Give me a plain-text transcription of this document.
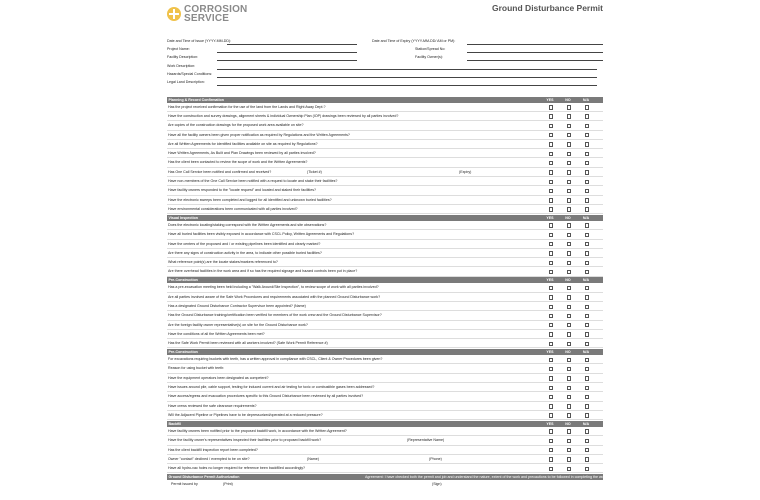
CORROSION
SERVICE
Ground Disturbance Permit
Date and Time of Issue (YYYY-MM-DD):	Date and Time of Expiry (YYYY-MM-DD/ AM or PM):
Project Name:	Station/Spread No:
Facility Description:	Facility Owner(s):
Work Description:
Hazards/Special Conditions:
Legal Land Description:
Planning & Record Confirmation	YES	NO	N/A
Has the project received confirmation for the use of the land from the Lands and Right Away Dept.?
Have the construction and survey drawings, alignment sheets & individual Ownership Plan (IOP) drawings been reviewed by all parties involved?
Are copies of the construction drawings for the proposed work area available on site?
Have all the facility owners been given proper notification as required by Regulations and the Written Agreements?
Are all Written Agreements for identified facilities available on site as required by Regulations?
Have Written Agreements, As Built and Plan Drawings been reviewed by all parties involved?
Has the client been contacted to review the scope of work and the Written Agreements?
Has One Call Service been notified and confirmed and received?	(Ticket #)	(Expiry)
Have non-members of the One Call Service been notified with a request to locate and stake their facilities?
Have facility owners responded to the "locate request" and located and staked their facilities?
Have the electronic sweeps been completed and logged for all identified and unknown buried facilities?
Have environmental considerations been communicated with all parties involved?
Visual Inspection	YES	NO	N/A
Does the electronic locating/staking correspond with the Written Agreements and site observations?
Have all buried facilities been visibly exposed in accordance with CSCL Policy, Written Agreements and Regulations?
Have the centers of the proposed and / or existing pipelines been identified and clearly marked?
Are there any signs of construction activity in the area, to indicate other possible buried facilities?
What reference point(s) are the locate stakes/markers referenced to?
Are there overhead facilities in the work area and if so has the required signage and hazard controls been put in place?
Pre-Construction	YES	NO	N/A
Has a pre-excavation meeting been held including a "Walk Around/Site Inspection", to review scope of work with all parties involved?
Are all parties involved aware of the Safe Work Procedures and requirements associated with the planned Ground Disturbance work?
Has a designated Ground Disturbance Contractor Supervisor been appointed? (Name)
Has the Ground Disturbance training/certification been verified for members of the work crew and the Ground Disturbance Supervisor?
Are the foreign facility owner representative(s) on site for the Ground Disturbance work?
Have the conditions of all the Written Agreements been met?
Has the Safe Work Permit been reviewed with all workers involved? (Safe Work Permit Reference #)
Pre-Construction	YES	NO	N/A
For excavations requiring buckets with teeth, has a written approval in compliance with CSCL, Client & Owner Procedures been given?
Reason for using bucket with teeth:
Have the equipment operators been designated as competent?
Have issues around pile, cable support, testing for induced current and air testing for toxic or combustible gases been addressed?
Have access/egress and evacuation procedures specific to this Ground Disturbance been reviewed by all parties involved?
Have crews reviewed the safe clearance requirements?
Will the Adjacent Pipeline or Pipelines have to be depressurized/operated at a reduced pressure?
Backfill	YES	NO	N/A
Have facility owners been notified prior to the proposed backfill work, in accordance with the Written Agreement?
Have the facility owner's representatives inspected their facilities prior to proposed backfill work?	(Representative Name)
Has the client backfill inspection report been completed?
Owner "contact" declined / exempted to be on site?	(Name)	(Phone)
Have all hydro-vac holes no longer required for reference been backfilled accordingly?
Ground Disturbance Permit Authorization	Agreement: I have checked both the permit and job and understand the nature, extent of the work and precautions to be followed in completing the work
Permit Issued by	(Print)	(Sign)
